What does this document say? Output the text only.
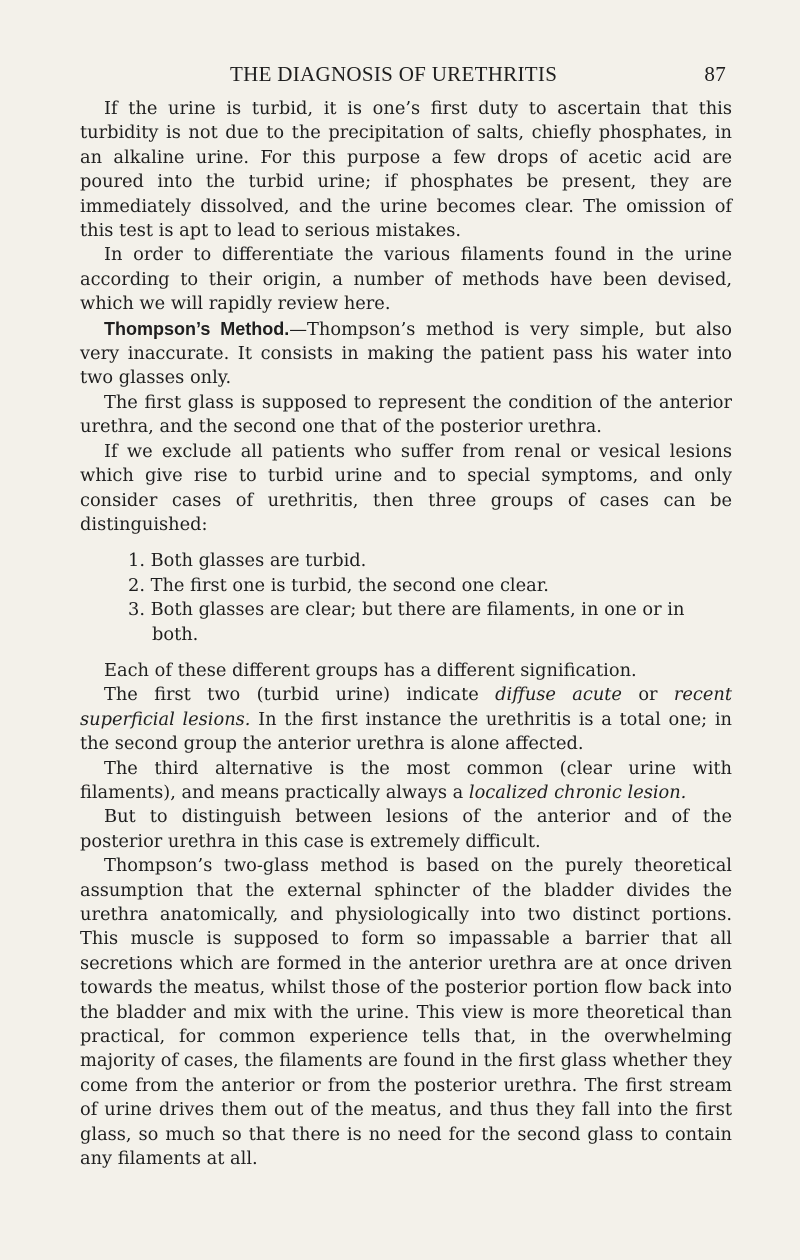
THE DIAGNOSIS OF URETHRITIS	87

If the urine is turbid, it is one’s first duty to ascertain that this turbidity is not due to the precipitation of salts, chiefly phosphates, in an alkaline urine. For this purpose a few drops of acetic acid are poured into the turbid urine; if phosphates be present, they are immediately dissolved, and the urine becomes clear. The omission of this test is apt to lead to serious mistakes.

In order to differentiate the various filaments found in the urine according to their origin, a number of methods have been devised, which we will rapidly review here.

Thompson’s Method.—Thompson’s method is very simple, but also very inaccurate. It consists in making the patient pass his water into two glasses only.

The first glass is supposed to represent the condition of the anterior urethra, and the second one that of the posterior urethra.

If we exclude all patients who suffer from renal or vesical lesions which give rise to turbid urine and to special symptoms, and only consider cases of urethritis, then three groups of cases can be distinguished:

1. Both glasses are turbid.
2. The first one is turbid, the second one clear.
3. Both glasses are clear; but there are filaments, in one or in both.

Each of these different groups has a different signification.

The first two (turbid urine) indicate diffuse acute or recent superficial lesions. In the first instance the urethritis is a total one; in the second group the anterior urethra is alone affected.

The third alternative is the most common (clear urine with filaments), and means practically always a localized chronic lesion.

But to distinguish between lesions of the anterior and of the posterior urethra in this case is extremely difficult.

Thompson’s two-glass method is based on the purely theoretical assumption that the external sphincter of the bladder divides the urethra anatomically, and physiologically into two distinct portions. This muscle is supposed to form so impassable a barrier that all secretions which are formed in the anterior urethra are at once driven towards the meatus, whilst those of the posterior portion flow back into the bladder and mix with the urine. This view is more theoretical than practical, for common experience tells that, in the overwhelming majority of cases, the filaments are found in the first glass whether they come from the anterior or from the posterior urethra. The first stream of urine drives them out of the meatus, and thus they fall into the first glass, so much so that there is no need for the second glass to contain any filaments at all.
